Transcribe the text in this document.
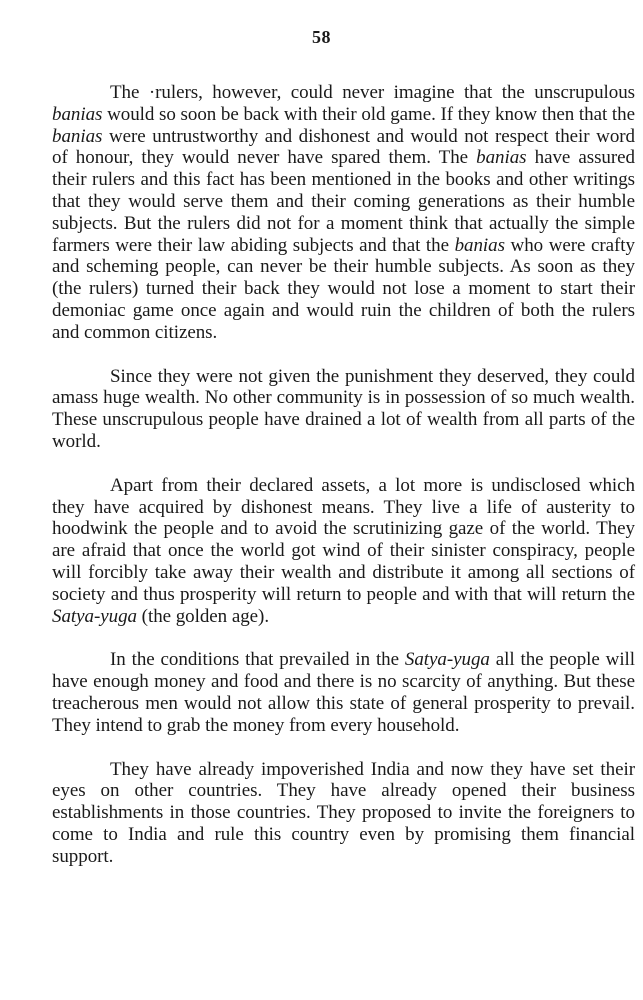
58

The ·rulers, however, could never imagine that the unscrupulous banias would so soon be back with their old game. If they know then that the banias were untrustworthy and dishonest and would not respect their word of honour, they would never have spared them. The banias have assured their rulers and this fact has been mentioned in the books and other writings that they would serve them and their coming generations as their humble subjects. But the rulers did not for a moment think that actually the simple farmers were their law abiding subjects and that the banias who were crafty and scheming people, can never be their humble subjects. As soon as they (the rulers) turned their back they would not lose a moment to start their demoniac game once again and would ruin the children of both the rulers and common citizens.

Since they were not given the punishment they deserved, they could amass huge wealth. No other community is in possession of so much wealth. These unscrupulous people have drained a lot of wealth from all parts of the world.

Apart from their declared assets, a lot more is undisclosed which they have acquired by dishonest means. They live a life of austerity to hoodwink the people and to avoid the scrutinizing gaze of the world. They are afraid that once the world got wind of their sinister conspiracy, people will forcibly take away their wealth and distribute it among all sections of society and thus prosperity will return to people and with that will return the Satya-yuga (the golden age).

In the conditions that prevailed in the Satya-yuga all the people will have enough money and food and there is no scarcity of anything. But these treacherous men would not allow this state of general prosperity to prevail. They intend to grab the money from every household.

They have already impoverished India and now they have set their eyes on other countries. They have already opened their business establishments in those countries. They proposed to invite the foreigners to come to India and rule this country even by promising them financial support.
